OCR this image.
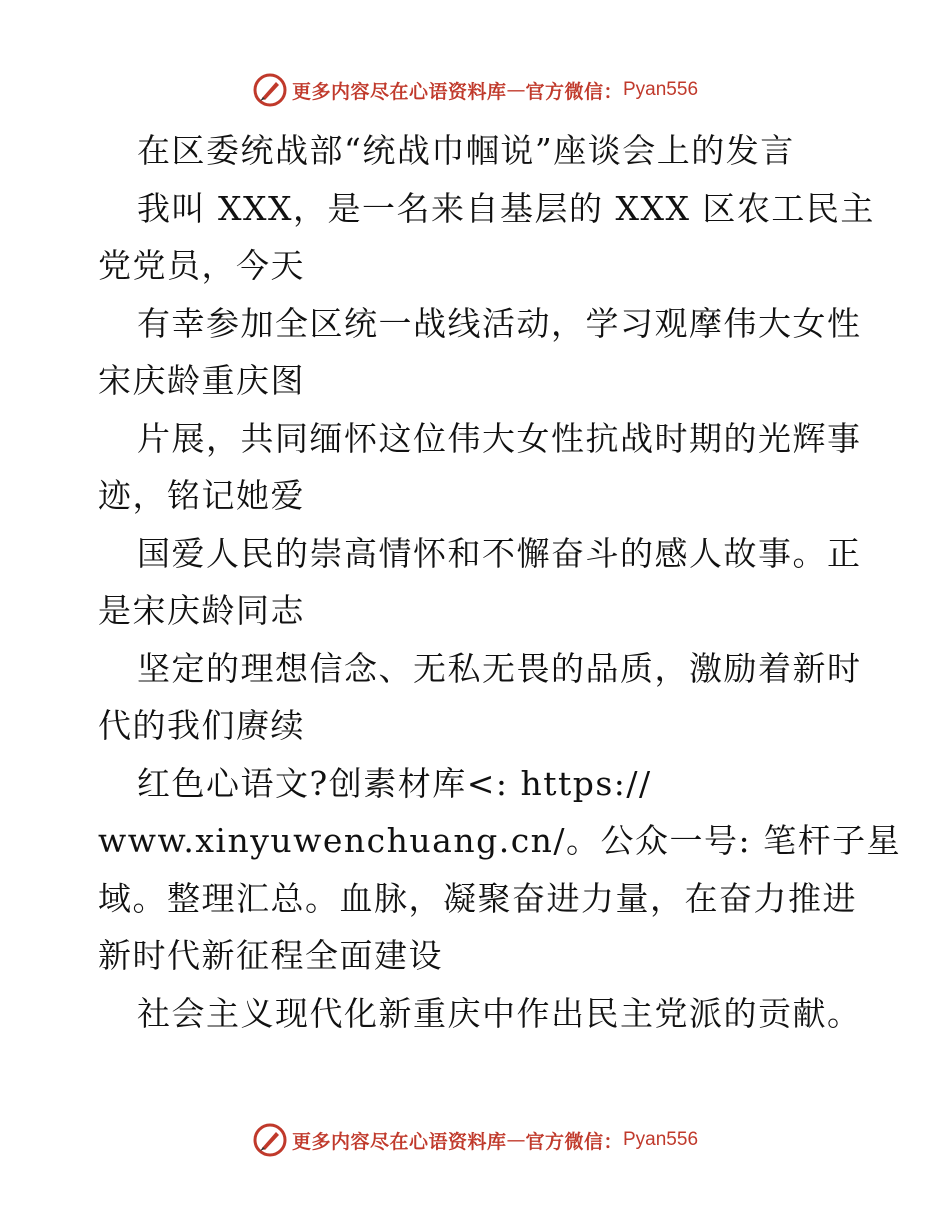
更多内容尽在心语资料库 — 官方微信： Pyan556
在区委统战部“统战巾帼说”座谈会上的发言
我叫 XXX，是一名来自基层的 XXX 区农工民主
党党员，今天
有幸参加全区统一战线活动，学习观摩伟大女性
宋庆龄重庆图
片展，共同缅怀这位伟大女性抗战时期的光辉事
迹，铭记她爱
国爱人民的崇高情怀和不懈奋斗的感人故事。正
是宋庆龄同志
坚定的理想信念、无私无畏的品质，激励着新时
代的我们赓续
红色心语文?创素材库<: https://
www.xinyuwenchuang.cn/。公众一号: 笔杆子星
域。整理汇总。血脉，凝聚奋进力量，在奋力推进
新时代新征程全面建设
社会主义现代化新重庆中作出民主党派的贡献。
更多内容尽在心语资料库 — 官方微信： Pyan556
